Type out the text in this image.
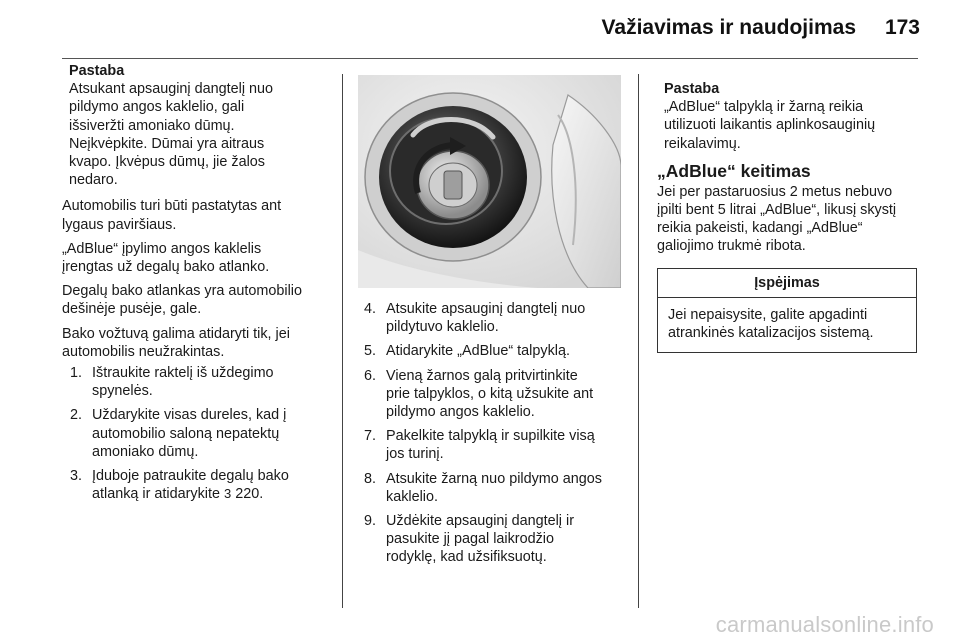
Važiavimas ir naudojimas 173
Pastaba
Atsukant apsauginį dangtelį nuo
pildymo angos kaklelio, gali
išsiveržti amoniako dūmų.
Neįkvėpkite. Dūmai yra aitraus
kvapo. Įkvėpus dūmų, jie žalos
nedaro.

Automobilis turi būti pastatytas ant
lygaus paviršiaus.

„AdBlue“ įpylimo angos kaklelis
įrengtas už degalų bako atlanko.

Degalų bako atlankas yra automobilio
dešinėje pusėje, gale.

Bako vožtuvą galima atidaryti tik, jei
automobilis neužrakintas.

1. Ištraukite raktelį iš uždegimo
spynelės.
2. Uždarykite visas dureles, kad į
automobilio saloną nepatektų
amoniako dūmų.
3. Įduboje patraukite degalų bako
atlanką ir atidarykite 3 220.
4. Atsukite apsauginį dangtelį nuo
pildytuvo kaklelio.
5. Atidarykite „AdBlue“ talpyklą.
6. Vieną žarnos galą pritvirtinkite
prie talpyklos, o kitą užsukite ant
pildymo angos kaklelio.
7. Pakelkite talpyklą ir supilkite visą
jos turinį.
8. Atsukite žarną nuo pildymo angos
kaklelio.
9. Uždėkite apsauginį dangtelį ir
pasukite jį pagal laikrodžio
rodyklę, kad užsifiksuotų.
Pastaba
„AdBlue“ talpyklą ir žarną reikia
utilizuoti laikantis aplinkosauginių
reikalavimų.
„AdBlue“ keitimas
Jei per pastaruosius 2 metus nebuvo
įpilti bent 5 litrai „AdBlue“, likusį skystį
reikia pakeisti, kadangi „AdBlue“
galiojimo trukmė ribota.
Įspėjimas
Jei nepaisysite, galite apgadinti
atrankinės katalizacijos sistemą.
carmanualsonline.info
